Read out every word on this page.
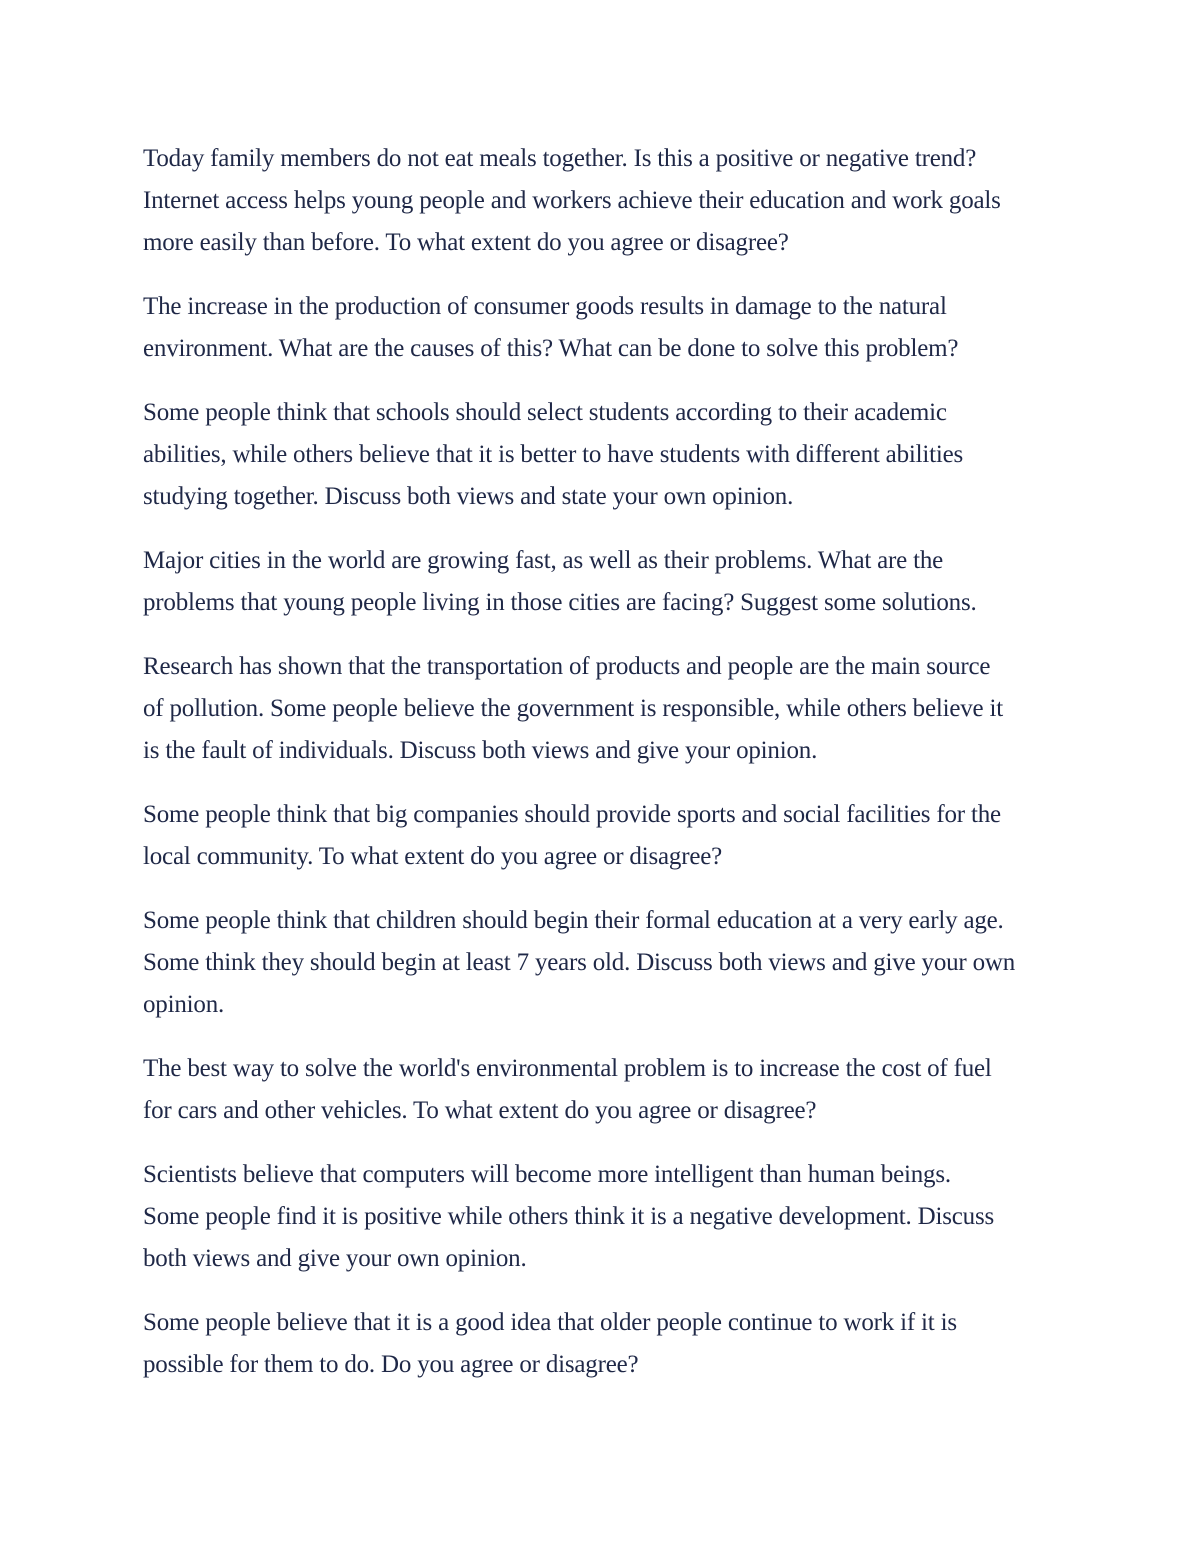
Today family members do not eat meals together. Is this a positive or negative trend?
Internet access helps young people and workers achieve their education and work goals
more easily than before. To what extent do you agree or disagree?

The increase in the production of consumer goods results in damage to the natural
environment. What are the causes of this? What can be done to solve this problem?

Some people think that schools should select students according to their academic
abilities, while others believe that it is better to have students with different abilities
studying together. Discuss both views and state your own opinion.

Major cities in the world are growing fast, as well as their problems. What are the
problems that young people living in those cities are facing? Suggest some solutions.

Research has shown that the transportation of products and people are the main source
of pollution. Some people believe the government is responsible, while others believe it
is the fault of individuals. Discuss both views and give your opinion.

Some people think that big companies should provide sports and social facilities for the
local community. To what extent do you agree or disagree?

Some people think that children should begin their formal education at a very early age.
Some think they should begin at least 7 years old. Discuss both views and give your own
opinion.

The best way to solve the world's environmental problem is to increase the cost of fuel
for cars and other vehicles. To what extent do you agree or disagree?

Scientists believe that computers will become more intelligent than human beings.
Some people find it is positive while others think it is a negative development. Discuss
both views and give your own opinion.

Some people believe that it is a good idea that older people continue to work if it is
possible for them to do. Do you agree or disagree?
